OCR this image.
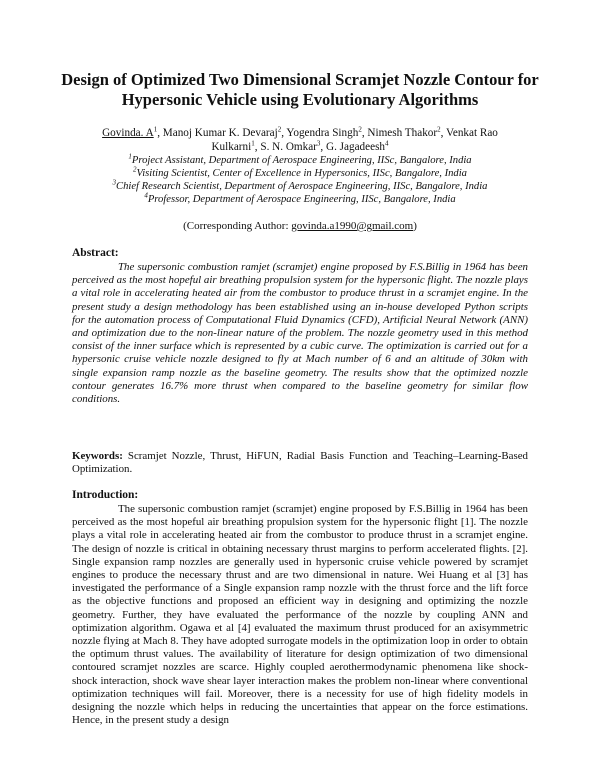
Design of Optimized Two Dimensional Scramjet Nozzle Contour for
Hypersonic Vehicle using Evolutionary Algorithms
Govinda. $A^1$, Manoj Kumar K. Devaraj$^2$, Yogendra Singh$^2$, Nimesh Thakor$^2$, Venkat Rao
Kulkarni$^1$, S. N. Omkar$^3$, G. Jagadeesh$^4$
$^1$Project Assistant, Department of Aerospace Engineering, IISc, Bangalore, India
$^2$Visiting Scientist, Center of Excellence in Hypersonics, IISc, Bangalore, India
$^3$Chief Research Scientist, Department of Aerospace Engineering, IISc, Bangalore, India
$^4$Professor, Department of Aerospace Engineering, IISc, Bangalore, India
(Corresponding Author: govinda.a1990@gmail.com)
Abstract:
The supersonic combustion ramjet (scramjet) engine proposed by F.S.Billig in 1964 has been perceived as the most hopeful air breathing propulsion system for the hypersonic flight. The nozzle plays a vital role in accelerating heated air from the combustor to produce thrust in a scramjet engine. In the present study a design methodology has been established using an in-house developed Python scripts for the automation process of Computational Fluid Dynamics (CFD), Artificial Neural Network (ANN) and optimization due to the non-linear nature of the problem. The nozzle geometry used in this method consist of the inner surface which is represented by a cubic curve. The optimization is carried out for a hypersonic cruise vehicle nozzle designed to fly at Mach number of 6 and an altitude of 30km with single expansion ramp nozzle as the baseline geometry. The results show that the optimized nozzle contour generates 16.7% more thrust when compared to the baseline geometry for similar flow conditions.
Keywords: Scramjet Nozzle, Thrust, HiFUN, Radial Basis Function and Teaching–Learning-Based Optimization.
Introduction:
The supersonic combustion ramjet (scramjet) engine proposed by F.S.Billig in 1964 has been perceived as the most hopeful air breathing propulsion system for the hypersonic flight [1]. The nozzle plays a vital role in accelerating heated air from the combustor to produce thrust in a scramjet engine. The design of nozzle is critical in obtaining necessary thrust margins to perform accelerated flights. [2]. Single expansion ramp nozzles are generally used in hypersonic cruise vehicle powered by scramjet engines to produce the necessary thrust and are two dimensional in nature. Wei Huang et al [3] has investigated the performance of a Single expansion ramp nozzle with the thrust force and the lift force as the objective functions and proposed an efficient way in designing and optimizing the nozzle geometry. Further, they have evaluated the performance of the nozzle by coupling ANN and optimization algorithm. Ogawa et al [4] evaluated the maximum thrust produced for an axisymmetric nozzle flying at Mach 8. They have adopted surrogate models in the optimization loop in order to obtain the optimum thrust values. The availability of literature for design optimization of two dimensional contoured scramjet nozzles are scarce. Highly coupled aerothermodynamic phenomena like shock-shock interaction, shock wave shear layer interaction makes the problem non-linear where conventional optimization techniques will fail. Moreover, there is a necessity for use of high fidelity models in designing the nozzle which helps in reducing the uncertainties that appear on the force estimations. Hence, in the present study a design
